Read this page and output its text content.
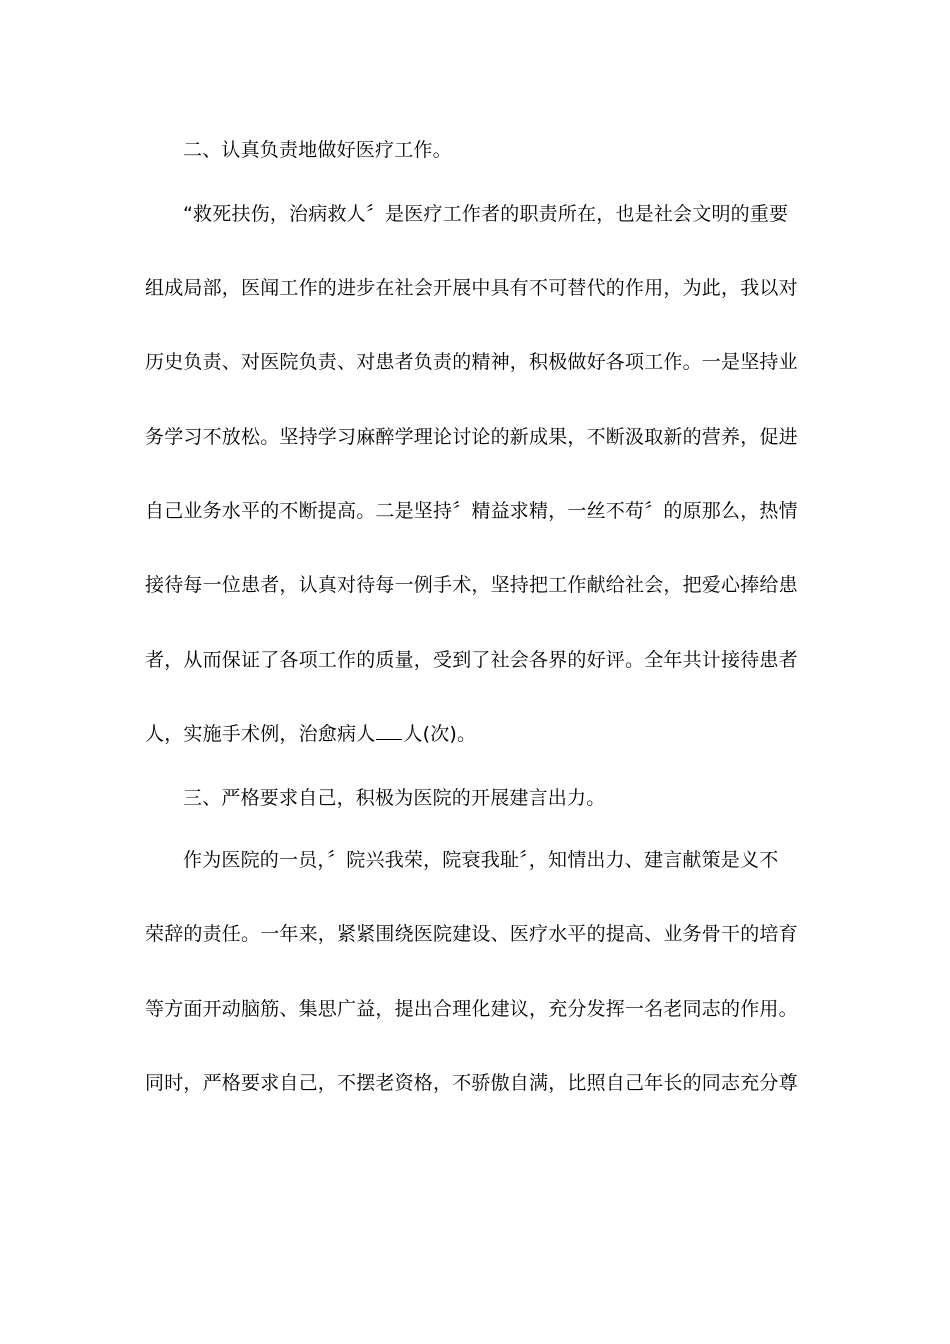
二、认真负责地做好医疗工作。
“救死扶伤，治病救人〞是医疗工作者的职责所在，也是社会文明的重要
组成局部，医闻工作的进步在社会开展中具有不可替代的作用，为此，我以对
历史负责、对医院负责、对患者负责的精神，积极做好各项工作。一是坚持业
务学习不放松。坚持学习麻醉学理论讨论的新成果，不断汲取新的营养，促进
自己业务水平的不断提高。二是坚持〞精益求精，一丝不苟〞的原那么，热情
接待每一位患者，认真对待每一例手术，坚持把工作献给社会，把爱心捧给患
者，从而保证了各项工作的质量，受到了社会各界的好评。全年共计接待患者
人，实施手术例，治愈病人 人(次)。
三、严格要求自己，积极为医院的开展建言出力。
作为医院的一员，〞院兴我荣，院衰我耻〞，知情出力、建言献策是义不
荣辞的责任。一年来，紧紧围绕医院建设、医疗水平的提高、业务骨干的培育
等方面开动脑筋、集思广益，提出合理化建议，充分发挥一名老同志的作用。
同时，严格要求自己，不摆老资格，不骄傲自满，比照自己年长的同志充分尊
